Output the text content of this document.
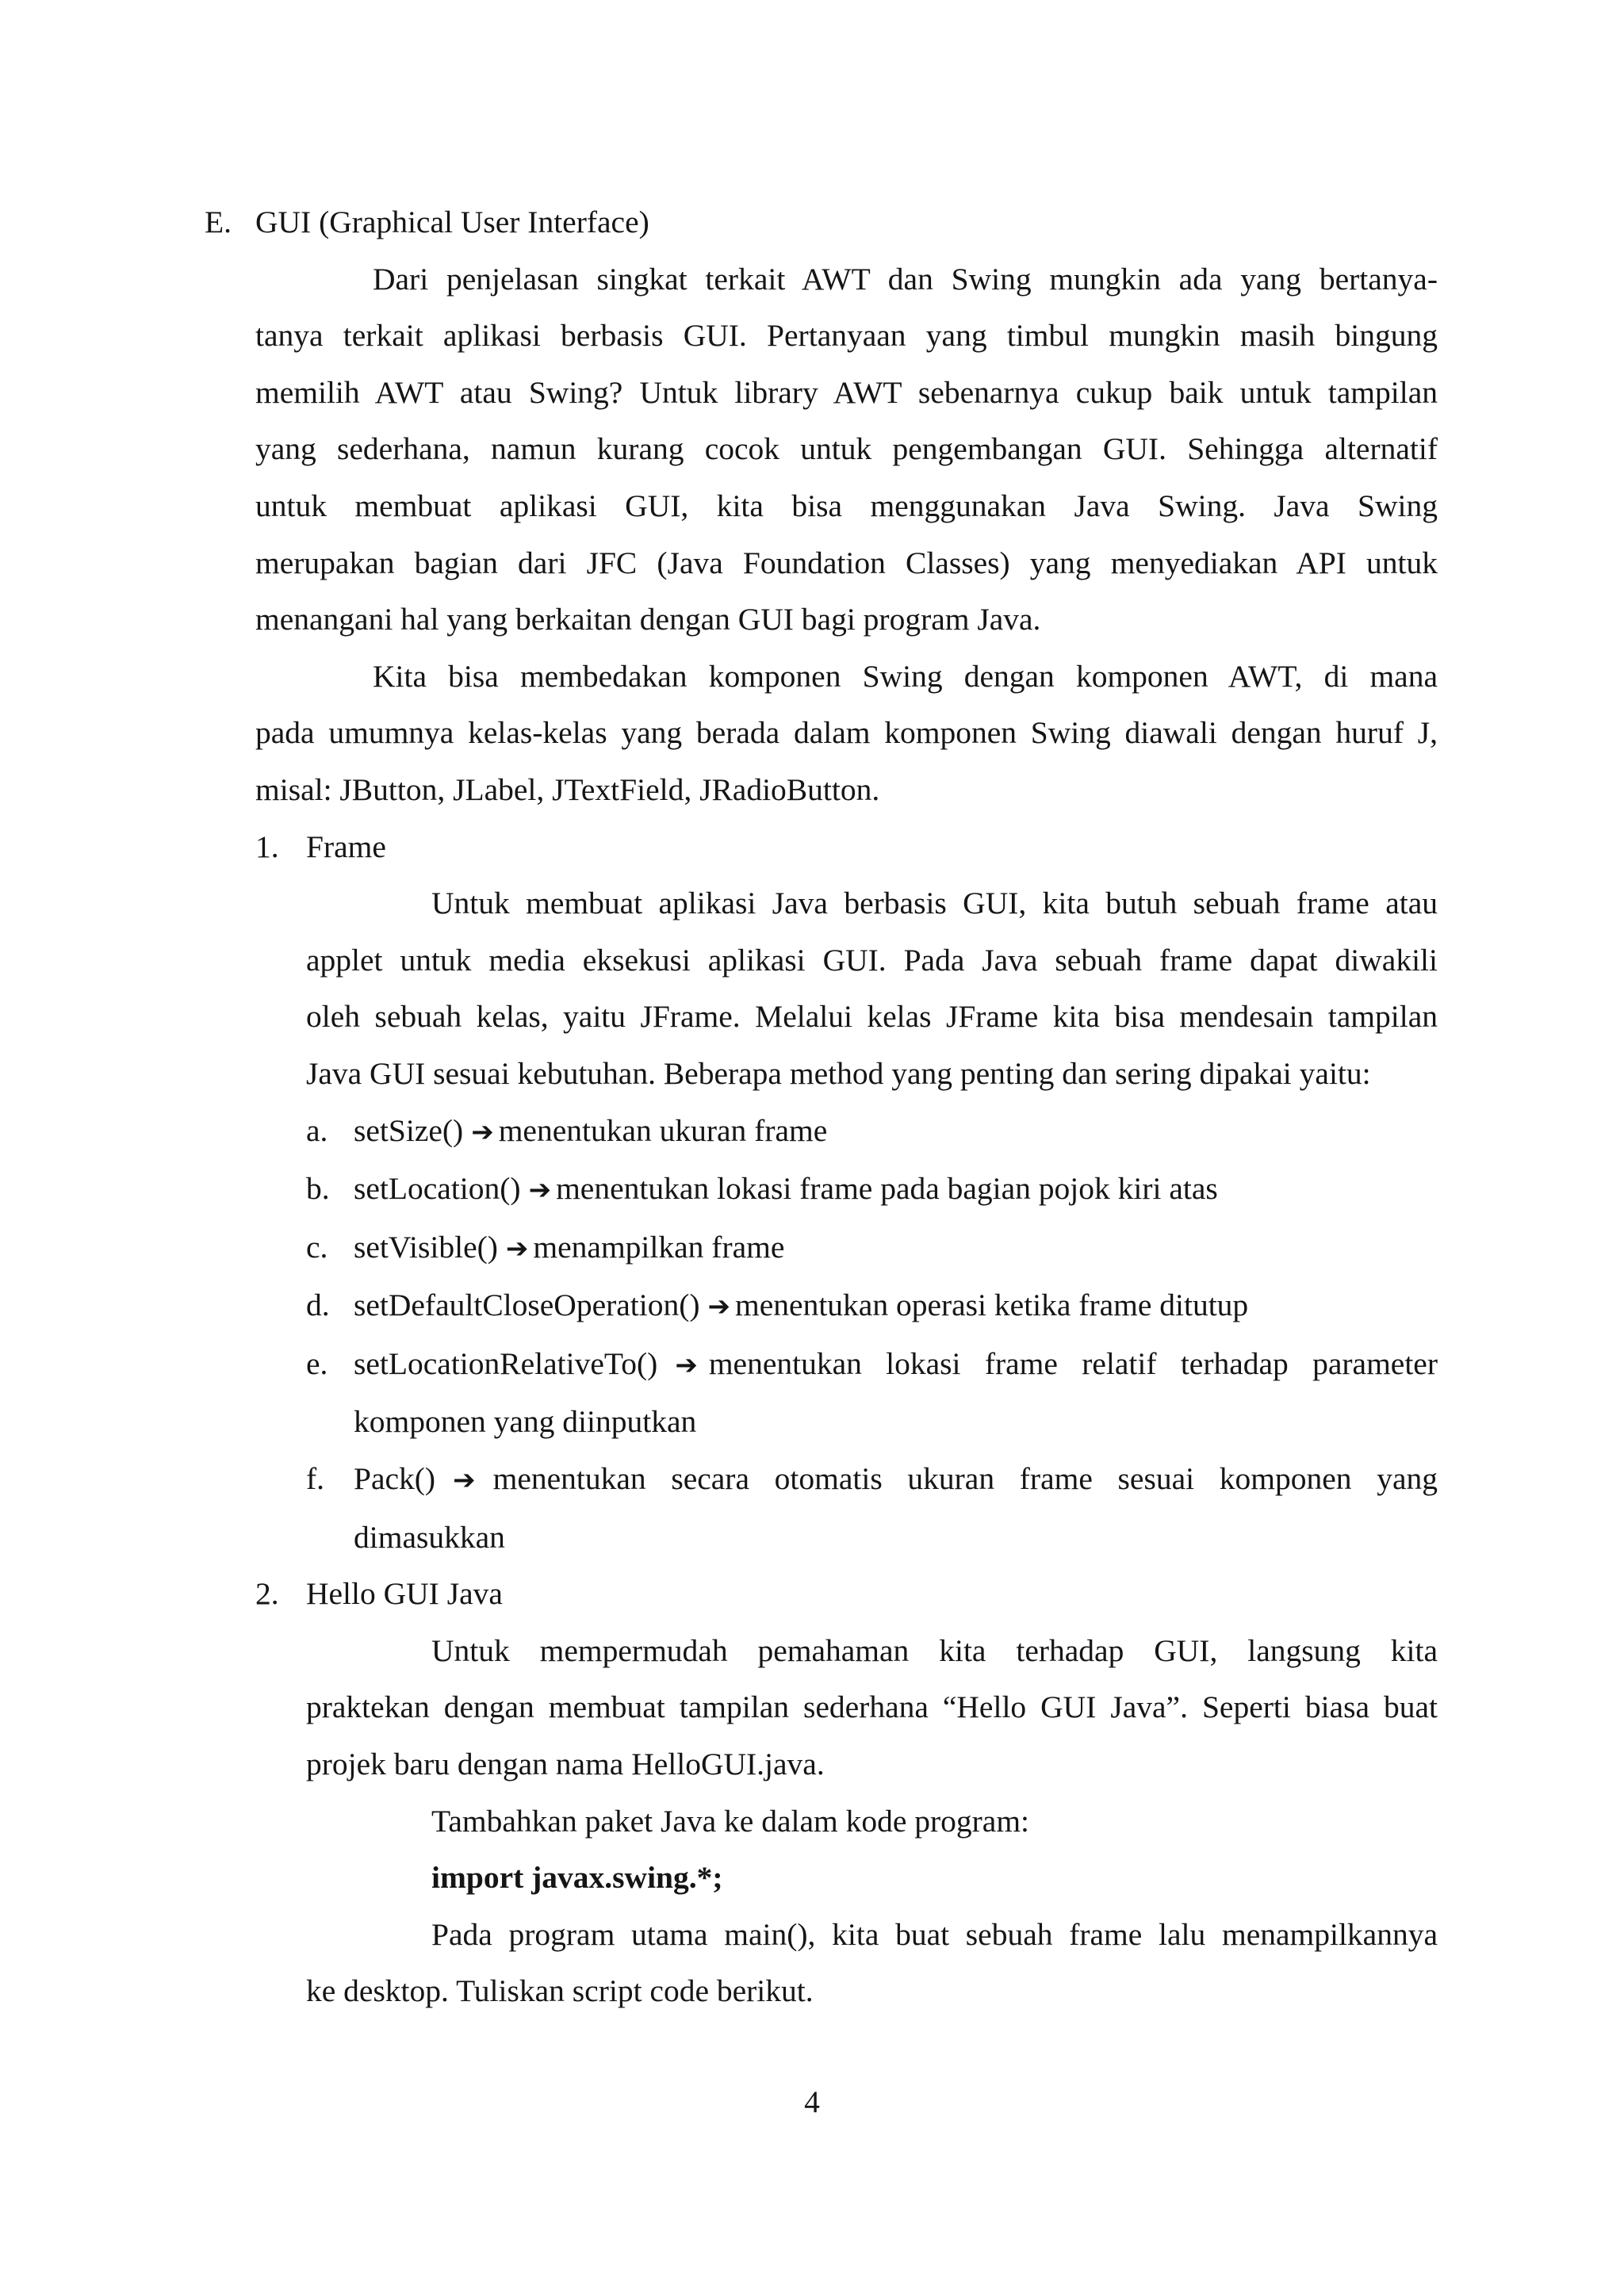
E. GUI (Graphical User Interface)
Dari penjelasan singkat terkait AWT dan Swing mungkin ada yang bertanya-
tanya terkait aplikasi berbasis GUI. Pertanyaan yang timbul mungkin masih bingung
memilih AWT atau Swing? Untuk library AWT sebenarnya cukup baik untuk tampilan
yang sederhana, namun kurang cocok untuk pengembangan GUI. Sehingga alternatif
untuk membuat aplikasi GUI, kita bisa menggunakan Java Swing. Java Swing
merupakan bagian dari JFC (Java Foundation Classes) yang menyediakan API untuk
menangani hal yang berkaitan dengan GUI bagi program Java.
Kita bisa membedakan komponen Swing dengan komponen AWT, di mana
pada umumnya kelas-kelas yang berada dalam komponen Swing diawali dengan huruf J,
misal: JButton, JLabel, JTextField, JRadioButton.
1. Frame
Untuk membuat aplikasi Java berbasis GUI, kita butuh sebuah frame atau
applet untuk media eksekusi aplikasi GUI. Pada Java sebuah frame dapat diwakili
oleh sebuah kelas, yaitu JFrame. Melalui kelas JFrame kita bisa mendesain tampilan
Java GUI sesuai kebutuhan. Beberapa method yang penting dan sering dipakai yaitu:
a. setSize() ➔ menentukan ukuran frame
b. setLocation() ➔ menentukan lokasi frame pada bagian pojok kiri atas
c. setVisible() ➔ menampilkan frame
d. setDefaultCloseOperation() ➔ menentukan operasi ketika frame ditutup
e. setLocationRelativeTo() ➔ menentukan lokasi frame relatif terhadap parameter
komponen yang diinputkan
f. Pack() ➔ menentukan secara otomatis ukuran frame sesuai komponen yang
dimasukkan
2. Hello GUI Java
Untuk mempermudah pemahaman kita terhadap GUI, langsung kita
praktekan dengan membuat tampilan sederhana “Hello GUI Java”. Seperti biasa buat
projek baru dengan nama HelloGUI.java.
Tambahkan paket Java ke dalam kode program:
import javax.swing.*;
Pada program utama main(), kita buat sebuah frame lalu menampilkannya
ke desktop. Tuliskan script code berikut.
4
